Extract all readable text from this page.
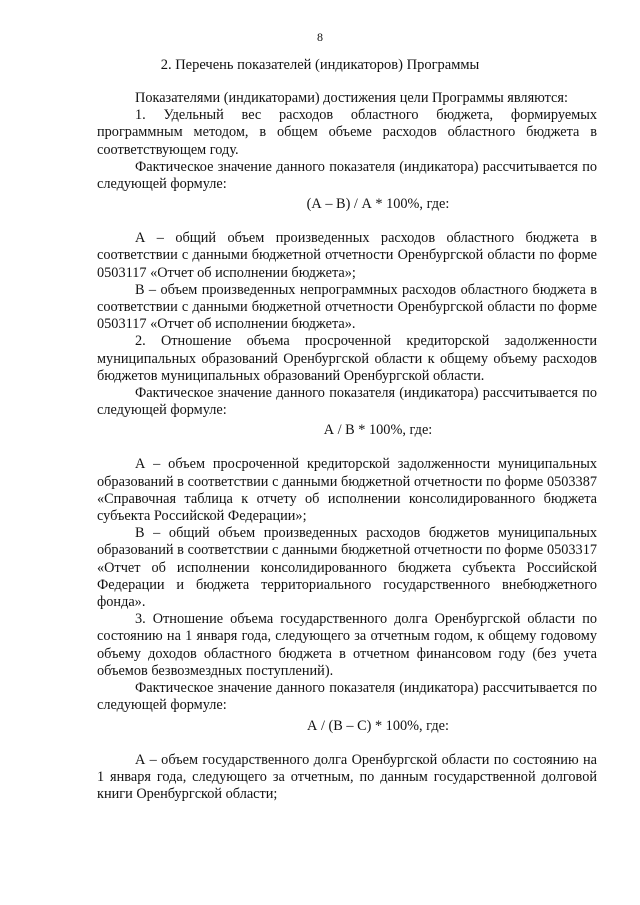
8
2. Перечень показателей (индикаторов) Программы

Показателями (индикаторами) достижения цели Программы являются:

1. Удельный вес расходов областного бюджета, формируемых программным методом, в общем объеме расходов областного бюджета в соответствующем году.

Фактическое значение данного показателя (индикатора) рассчитывается по следующей формуле:

(А – В) / А * 100%, где:

А – общий объем произведенных расходов областного бюджета в соответствии с данными бюджетной отчетности Оренбургской области по форме 0503117 «Отчет об исполнении бюджета»;

В – объем произведенных непрограммных расходов областного бюджета в соответствии с данными бюджетной отчетности Оренбургской области по форме 0503117 «Отчет об исполнении бюджета».

2. Отношение объема просроченной кредиторской задолженности муниципальных образований Оренбургской области к общему объему расходов бюджетов муниципальных образований Оренбургской области.

Фактическое значение данного показателя (индикатора) рассчитывается по следующей формуле:

А / В * 100%, где:

А – объем просроченной кредиторской задолженности муниципальных образований в соответствии с данными бюджетной отчетности по форме 0503387 «Справочная таблица к отчету об исполнении консолидированного бюджета субъекта Российской Федерации»;

В – общий объем произведенных расходов бюджетов муниципальных образований в соответствии с данными бюджетной отчетности по форме 0503317 «Отчет об исполнении консолидированного бюджета субъекта Российской Федерации и бюджета территориального государственного внебюджетного фонда».

3. Отношение объема государственного долга Оренбургской области по состоянию на 1 января года, следующего за отчетным годом, к общему годовому объему доходов областного бюджета в отчетном финансовом году (без учета объемов безвозмездных поступлений).

Фактическое значение данного показателя (индикатора) рассчитывается по следующей формуле:

А / (В – С) * 100%, где:

А – объем государственного долга Оренбургской области по состоянию на 1 января года, следующего за отчетным, по данным государственной долговой книги Оренбургской области;
